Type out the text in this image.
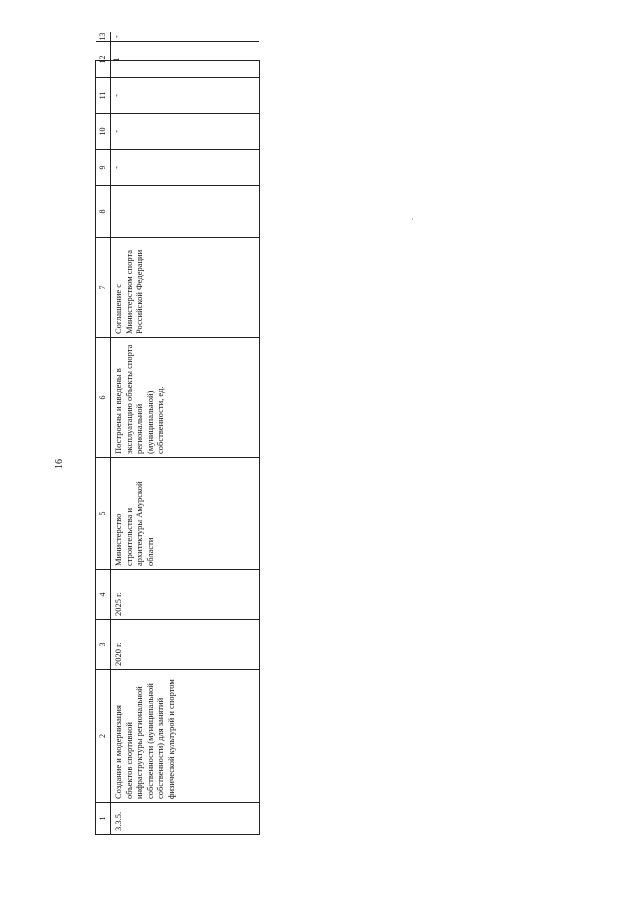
16
1 3.3.5.
2 Создание и модернизация объектов спортивной инфраструктуры региональной собственности (муниципальной собственности) для занятий физической культурой и спортом
3 2020 г.
4 2025 г.
5
Министерство строительства и архитектуры Амурской области
6 Построены и введены в эксплуатацию объекты спорта региональной (муниципальной) собственности, ед.
7 Соглашение с Министерством спорта Российской Федерации
8
9 -
10 -
11 -
12 1
13 -
